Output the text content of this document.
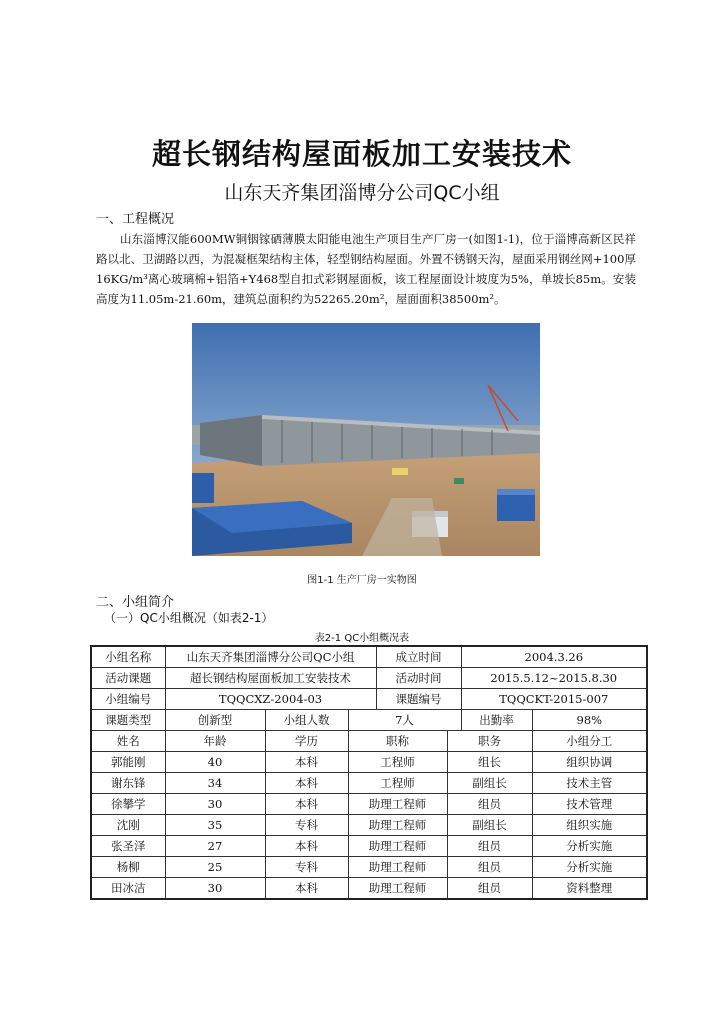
超长钢结构屋面板加工安装技术
山东天齐集团淄博分公司QC小组
一、工程概况
山东淄博汉能600MW铜铟镓硒薄膜太阳能电池生产项目生产厂房一(如图1-1)，位于淄博高新区民祥路以北、卫湖路以西，为混凝框架结构主体，轻型钢结构屋面。外置不锈钢天沟，屋面采用钢丝网+100厚16KG/m³离心玻璃棉+铝箔+Y468型自扣式彩钢屋面板，该工程屋面设计坡度为5%，单坡长85m。安装高度为11.05m-21.60m，建筑总面积约为52265.20m²，屋面面积38500m²。
图1-1 生产厂房一实物图
二、小组简介
（一）QC小组概况（如表2-1）
表2-1 QC小组概况表
小组名称	山东天齐集团淄博分公司QC小组			成立时间		2004.3.26	
活动课题	超长钢结构屋面板加工安装技术			活动时间		2015.5.12~2015.8.30	
小组编号	TQQCXZ-2004-03			课题编号		TQQCKT-2015-007	
课题类型	创新型	小组人数	7人			出勤率	98%
姓名	年龄	学历	职称		职务		小组分工
郭能刚	40	本科	工程师		组长		组织协调
谢东锋	34	本科	工程师		副组长		技术主管
徐攀学	30	本科	助理工程师		组员		技术管理
沈刚	35	专科	助理工程师		副组长		组织实施
张圣泽	27	本科	助理工程师		组员		分析实施
杨柳	25	专科	助理工程师		组员		分析实施
田冰洁	30	本科	助理工程师		组员		资料整理
